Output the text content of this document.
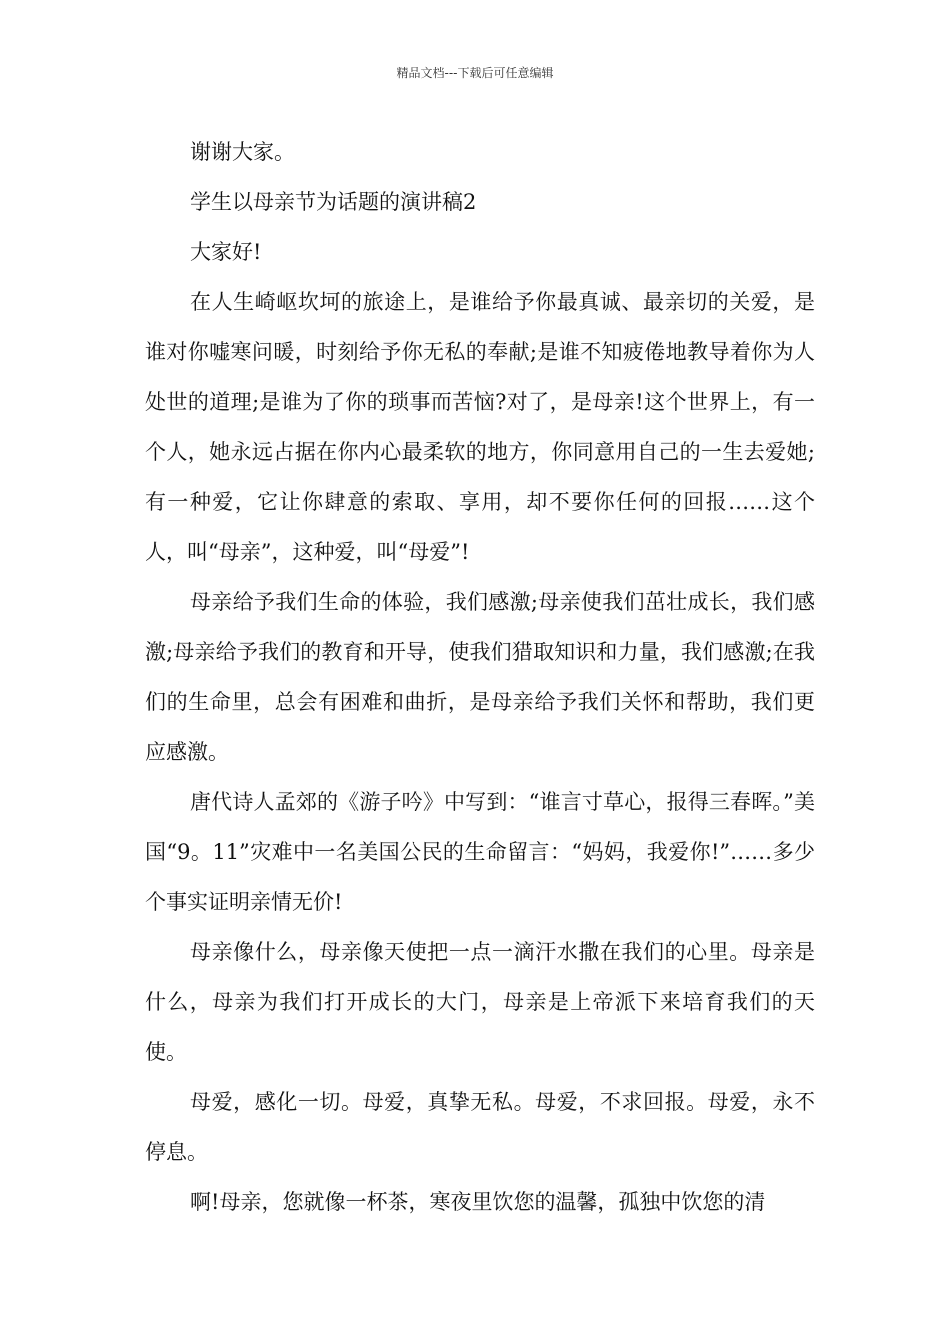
精品文档---下载后可任意编辑

谢谢大家。

学生以母亲节为话题的演讲稿2

大家好!

在人生崎岖坎坷的旅途上，是谁给予你最真诚、最亲切的关爱，是谁对你嘘寒问暖，时刻给予你无私的奉献;是谁不知疲倦地教导着你为人处世的道理;是谁为了你的琐事而苦恼?对了，是母亲!这个世界上，有一个人，她永远占据在你内心最柔软的地方，你同意用自己的一生去爱她;有一种爱，它让你肆意的索取、享用，却不要你任何的回报……这个人，叫“母亲”，这种爱，叫“母爱”!

母亲给予我们生命的体验，我们感激;母亲使我们茁壮成长，我们感激;母亲给予我们的教育和开导，使我们猎取知识和力量，我们感激;在我们的生命里，总会有困难和曲折，是母亲给予我们关怀和帮助，我们更应感激。

唐代诗人孟郊的《游子吟》中写到：“谁言寸草心，报得三春晖。”美国“9。11”灾难中一名美国公民的生命留言：“妈妈，我爱你!”……多少个事实证明亲情无价!

母亲像什么，母亲像天使把一点一滴汗水撒在我们的心里。母亲是什么，母亲为我们打开成长的大门，母亲是上帝派下来培育我们的天使。

母爱，感化一切。母爱，真挚无私。母爱，不求回报。母爱，永不停息。

啊!母亲，您就像一杯茶，寒夜里饮您的温馨，孤独中饮您的清
